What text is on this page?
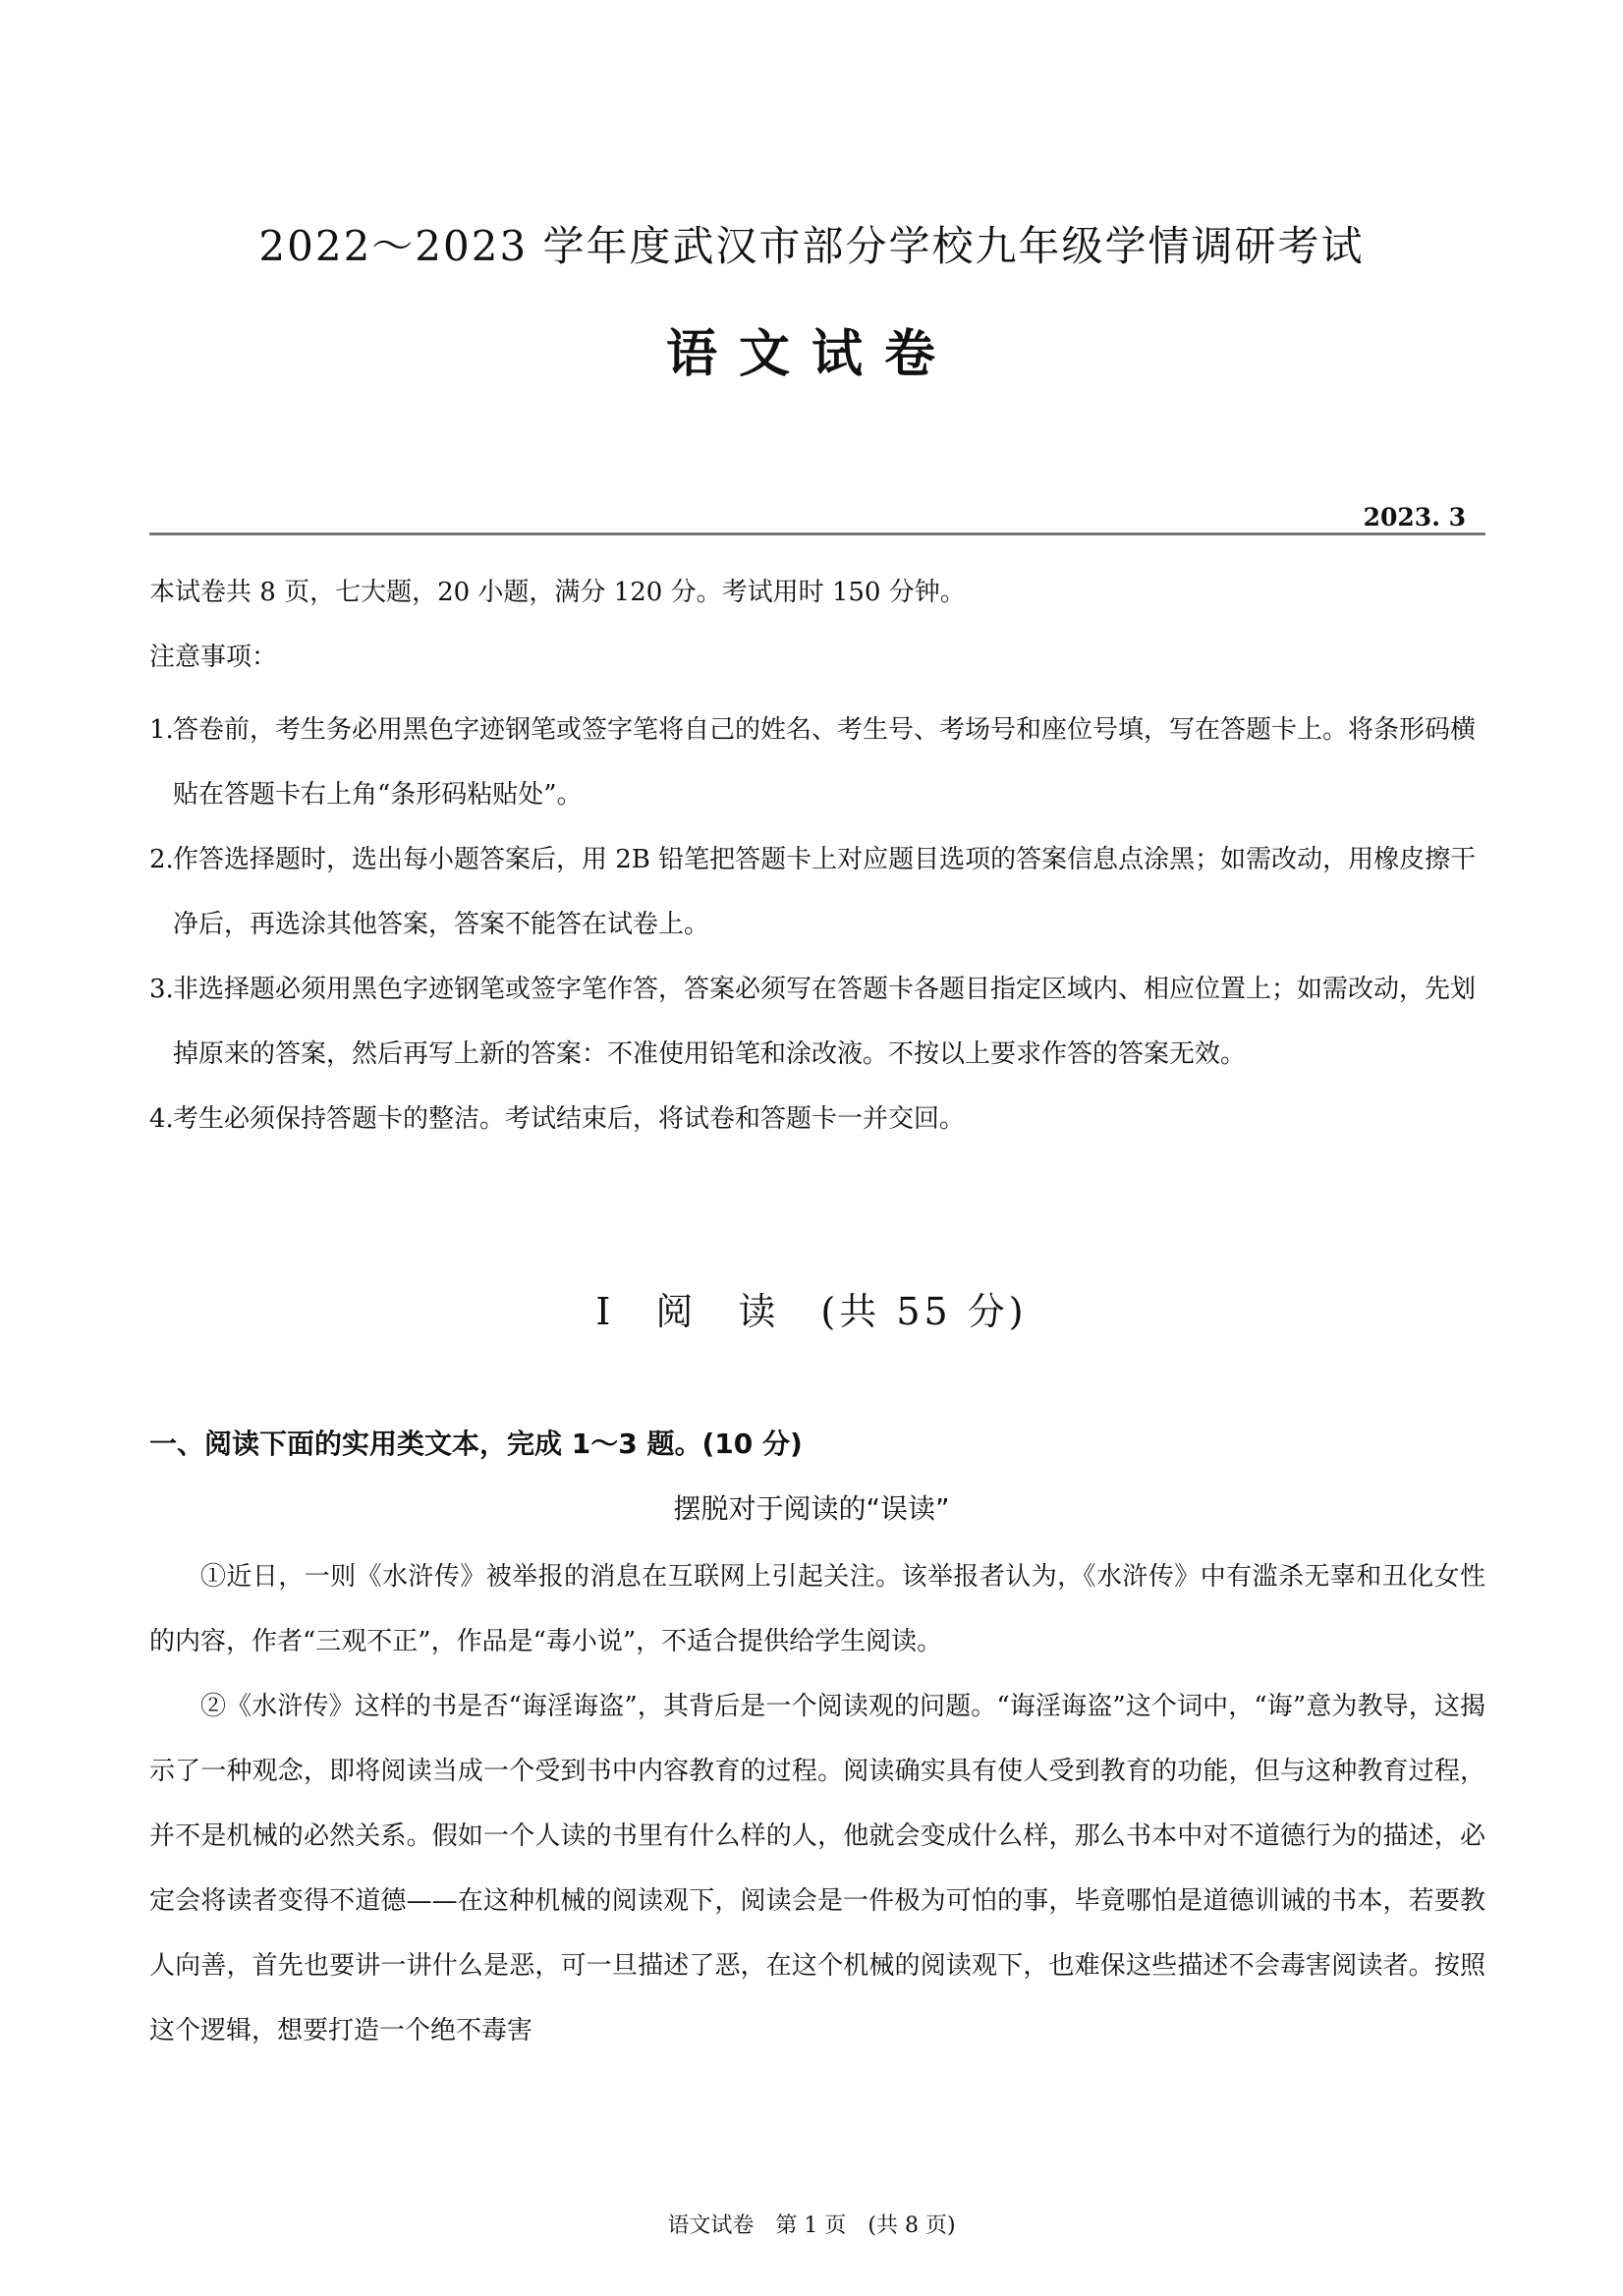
2022～2023 学年度武汉市部分学校九年级学情调研考试
语文试卷
2023. 3
本试卷共 8 页，七大题，20 小题，满分 120 分。考试用时 150 分钟。
注意事项：
1. 答卷前，考生务必用黑色字迹钢笔或签字笔将自己的姓名、考生号、考场号和座位号填，写在答题卡上。将条形码横贴在答题卡右上角“条形码粘贴处”。
2. 作答选择题时，选出每小题答案后，用 2B 铅笔把答题卡上对应题目选项的答案信息点涂黑；如需改动，用橡皮擦干净后，再选涂其他答案，答案不能答在试卷上。
3. 非选择题必须用黑色字迹钢笔或签字笔作答，答案必须写在答题卡各题目指定区域内、相应位置上；如需改动，先划掉原来的答案，然后再写上新的答案：不准使用铅笔和涂改液。不按以上要求作答的答案无效。
4. 考生必须保持答题卡的整洁。考试结束后，将试卷和答题卡一并交回。
I　阅　读　(共 55 分)
一、阅读下面的实用类文本，完成 1～3 题。(10 分)
摆脱对于阅读的“误读”

①近日，一则《水浒传》被举报的消息在互联网上引起关注。该举报者认为，《水浒传》中有滥杀无辜和丑化女性的内容，作者“三观不正”，作品是“毒小说”，不适合提供给学生阅读。

②《水浒传》这样的书是否“诲淫诲盗”，其背后是一个阅读观的问题。“诲淫诲盗”这个词中，“诲”意为教导，这揭示了一种观念，即将阅读当成一个受到书中内容教育的过程。阅读确实具有使人受到教育的功能，但与这种教育过程，并不是机械的必然关系。假如一个人读的书里有什么样的人，他就会变成什么样，那么书本中对不道德行为的描述，必定会将读者变得不道德——在这种机械的阅读观下，阅读会是一件极为可怕的事，毕竟哪怕是道德训诫的书本，若要教人向善，首先也要讲一讲什么是恶，可一旦描述了恶，在这个机械的阅读观下，也难保这些描述不会毒害阅读者。按照这个逻辑，想要打造一个绝不毒害

语文试卷　第 1 页　(共 8 页)
